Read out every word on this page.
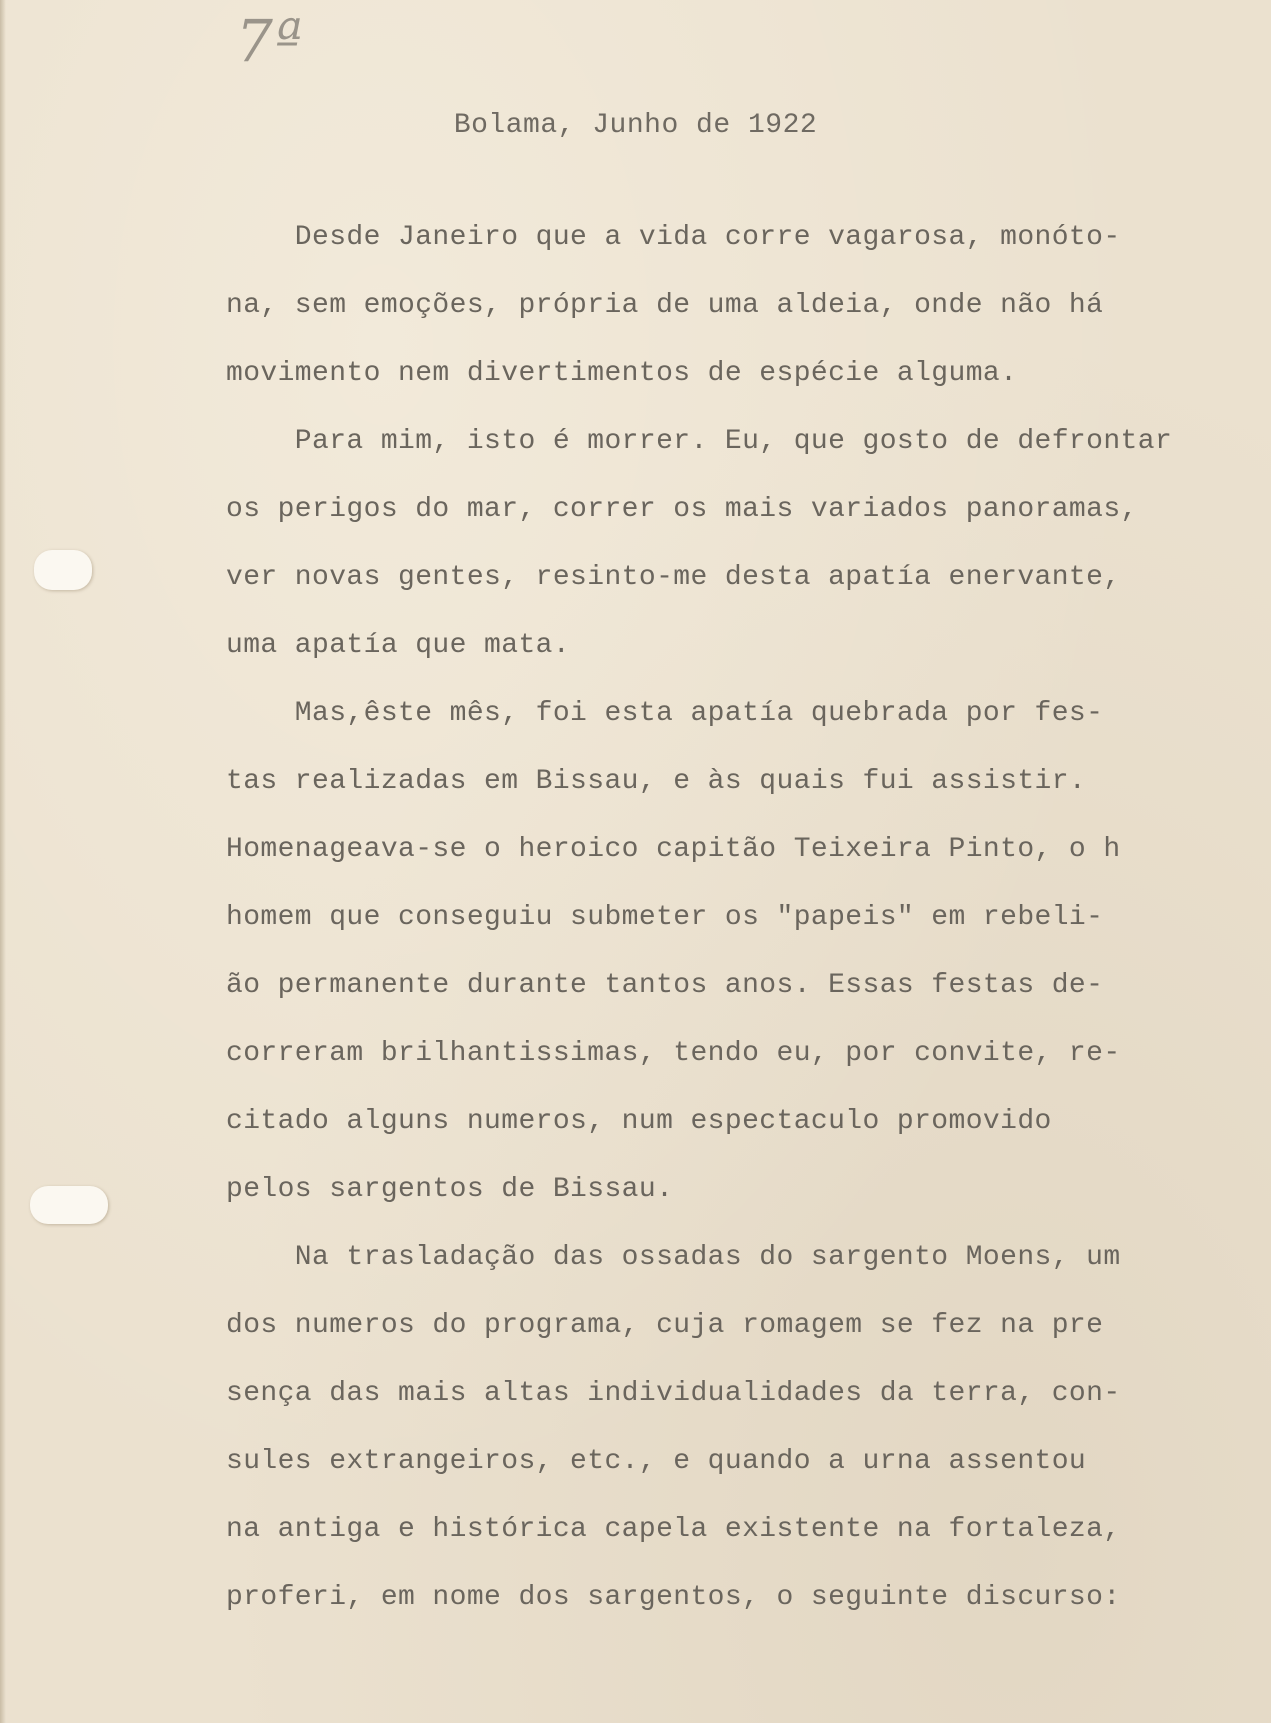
7ª
Bolama, Junho de 1922
Desde Janeiro que a vida corre vagarosa, monóto-
na, sem emoções, própria de uma aldeia, onde não há
movimento nem divertimentos de espécie alguma.
Para mim, isto é morrer. Eu, que gosto de defrontar
os perigos do mar, correr os mais variados panoramas,
ver novas gentes, resinto-me desta apatía enervante,
uma apatía que mata.
Mas,êste mês, foi esta apatía quebrada por fes-
tas realizadas em Bissau, e às quais fui assistir.
Homenageava-se o heroico capitão Teixeira Pinto, o h
homem que conseguiu submeter os "papeis" em rebeli-
ão permanente durante tantos anos. Essas festas de-
correram brilhantissimas, tendo eu, por convite, re-
citado alguns numeros, num espectaculo promovido
pelos sargentos de Bissau.
Na trasladação das ossadas do sargento Moens, um
dos numeros do programa, cuja romagem se fez na pre
sença das mais altas individualidades da terra, con-
sules extrangeiros, etc., e quando a urna assentou
na antiga e histórica capela existente na fortaleza,
proferi, em nome dos sargentos, o seguinte discurso:
